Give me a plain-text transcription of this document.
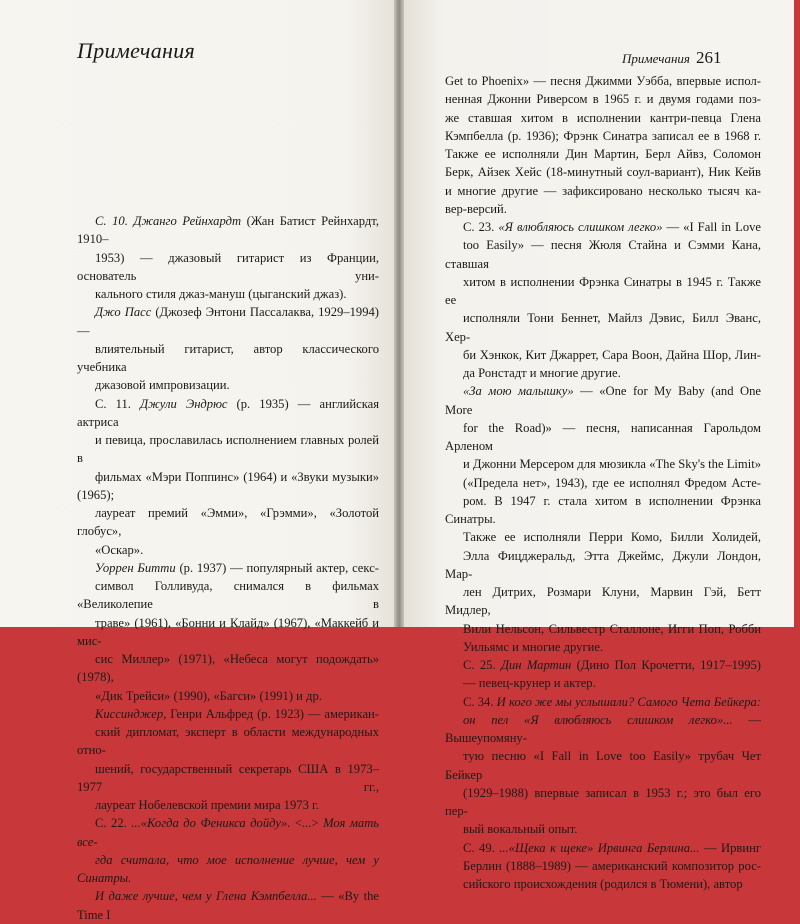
Примечания

С. 10. Джанго Рейнхардт (Жан Батист Рейнхардт, 1910–
1953) — джазовый гитарист из Франции, основатель уни-
кального стиля джаз-мануш (цыганский джаз).

Джо Пасс (Джозеф Энтони Пассалаква, 1929–1994) —
влиятельный гитарист, автор классического учебника
джазовой импровизации.

С. 11. Джули Эндрюс (р. 1935) — английская актриса
и певица, прославилась исполнением главных ролей в
фильмах «Мэри Поппинс» (1964) и «Звуки музыки» (1965);
лауреат премий «Эмми», «Грэмми», «Золотой глобус»,
«Оскар».

Уоррен Битти (р. 1937) — популярный актер, секс-
символ Голливуда, снимался в фильмах «Великолепие в
траве» (1961), «Бонни и Клайд» (1967), «Маккейб и мис-
сис Миллер» (1971), «Небеса могут подождать» (1978),
«Дик Трейси» (1990), «Багси» (1991) и др.

Киссинджер, Генри Альфред (р. 1923) — американ-
ский дипломат, эксперт в области международных отно-
шений, государственный секретарь США в 1973–1977 гг.,
лауреат Нобелевской премии мира 1973 г.

С. 22. ...«Когда до Феникса дойду». <...> Моя мать все-
гда считала, что мое исполнение лучше, чем у Синатры.
И даже лучше, чем у Глена Кэмпбелла... — «By the Time I

Примечания 261

Get to Phoenix» — песня Джимми Уэбба, впервые испол-
ненная Джонни Риверсом в 1965 г. и двумя годами поз-
же ставшая хитом в исполнении кантри-певца Глена
Кэмпбелла (р. 1936); Фрэнк Синатра записал ее в 1968 г.
Также ее исполняли Дин Мартин, Берл Айвз, Соломон
Берк, Айзек Хейс (18-минутный соул-вариант), Ник Кейв
и многие другие — зафиксировано несколько тысяч ка-
вер-версий.

С. 23. «Я влюбляюсь слишком легко» — «I Fall in Love
too Easily» — песня Жюля Стайна и Сэмми Кана, ставшая
хитом в исполнении Фрэнка Синатры в 1945 г. Также ее
исполняли Тони Беннет, Майлз Дэвис, Билл Эванс, Хер-
би Хэнкок, Кит Джаррет, Сара Воон, Дайна Шор, Лин-
да Ронстадт и многие другие.

«За мою малышку» — «One for My Baby (and One More
for the Road)» — песня, написанная Гарольдом Арленом
и Джонни Мерсером для мюзикла «The Sky's the Limit»
(«Предела нет», 1943), где ее исполнял Фредом Асте-
ром. В 1947 г. стала хитом в исполнении Фрэнка Синатры.
Также ее исполняли Перри Комо, Билли Холидей,
Элла Фицджеральд, Этта Джеймс, Джули Лондон, Мар-
лен Дитрих, Розмари Клуни, Марвин Гэй, Бетт Мидлер,
Вили Нельсон, Сильвестр Сталлоне, Игги Поп, Робби
Уильямс и многие другие.

С. 25. Дин Мартин (Дино Пол Крочетти, 1917–1995)
— певец-крунер и актер.

С. 34. И кого же мы услышали? Самого Чета Бейкера:
он пел «Я влюбляюсь слишком легко»... — Вышеупомяну-
тую песню «I Fall in Love too Easily» трубач Чет Бейкер
(1929–1988) впервые записал в 1953 г.; это был его пер-
вый вокальный опыт.

С. 49. ...«Щека к щеке» Ирвинга Берлина... — Ирвинг
Берлин (1888–1989) — американский композитор рос-
сийского происхождения (родился в Тюмени), автор
